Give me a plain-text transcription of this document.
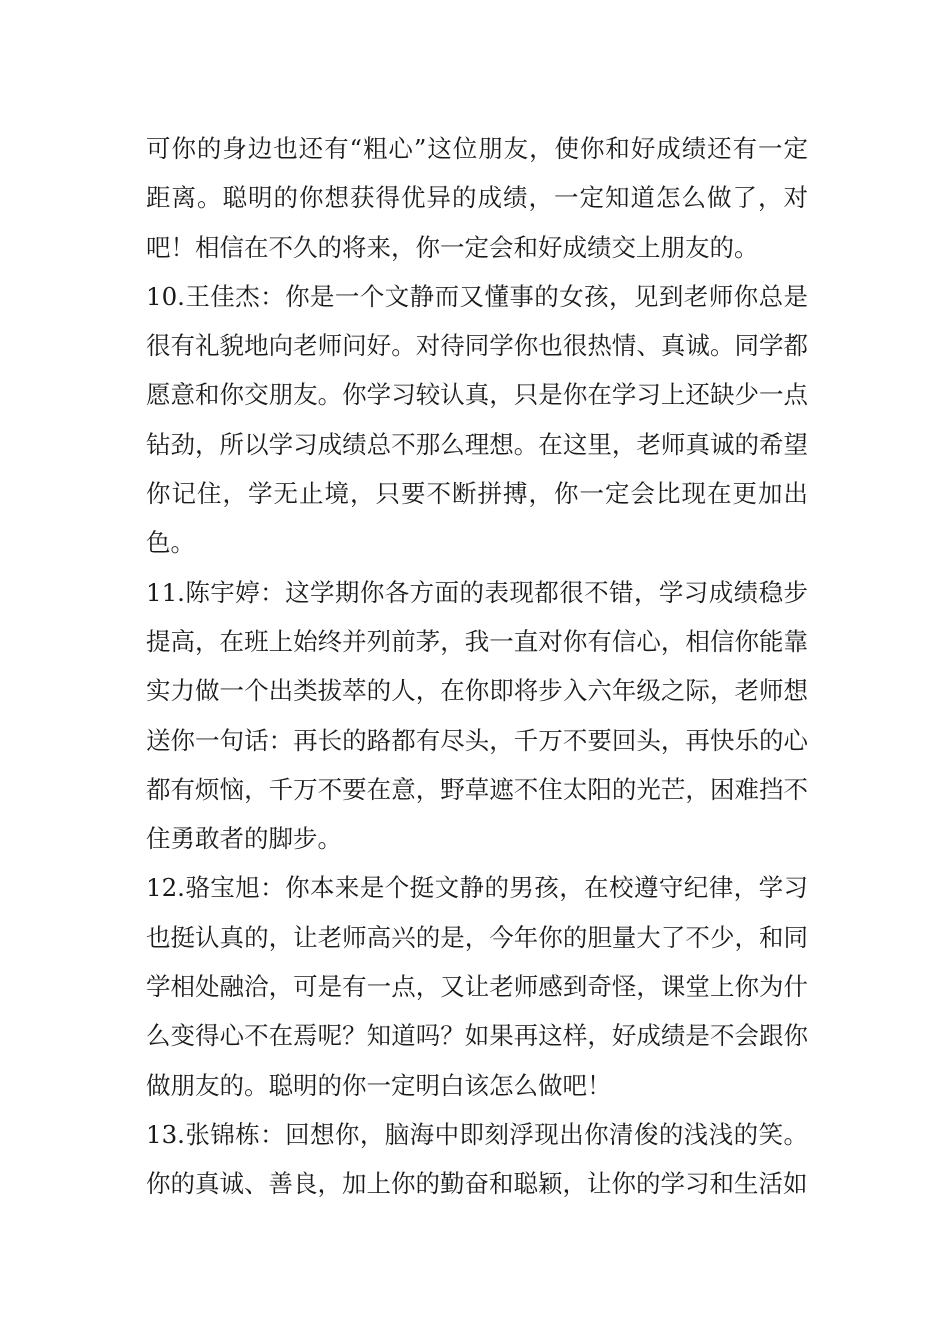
可你的身边也还有“粗心”这位朋友，使你和好成绩还有一定距离。聪明的你想获得优异的成绩，一定知道怎么做了，对吧！相信在不久的将来，你一定会和好成绩交上朋友的。

10.王佳杰：你是一个文静而又懂事的女孩，见到老师你总是很有礼貌地向老师问好。对待同学你也很热情、真诚。同学都愿意和你交朋友。你学习较认真，只是你在学习上还缺少一点钻劲，所以学习成绩总不那么理想。在这里，老师真诚的希望你记住，学无止境，只要不断拼搏，你一定会比现在更加出色。

11.陈宇婷：这学期你各方面的表现都很不错，学习成绩稳步提高，在班上始终并列前茅，我一直对你有信心，相信你能靠实力做一个出类拔萃的人，在你即将步入六年级之际，老师想送你一句话：再长的路都有尽头，千万不要回头，再快乐的心都有烦恼，千万不要在意，野草遮不住太阳的光芒，困难挡不住勇敢者的脚步。

12.骆宝旭：你本来是个挺文静的男孩，在校遵守纪律，学习也挺认真的，让老师高兴的是，今年你的胆量大了不少，和同学相处融洽，可是有一点，又让老师感到奇怪，课堂上你为什么变得心不在焉呢？知道吗？如果再这样，好成绩是不会跟你做朋友的。聪明的你一定明白该怎么做吧！

13.张锦栋：回想你，脑海中即刻浮现出你清俊的浅浅的笑。你的真诚、善良，加上你的勤奋和聪颖，让你的学习和生活如
